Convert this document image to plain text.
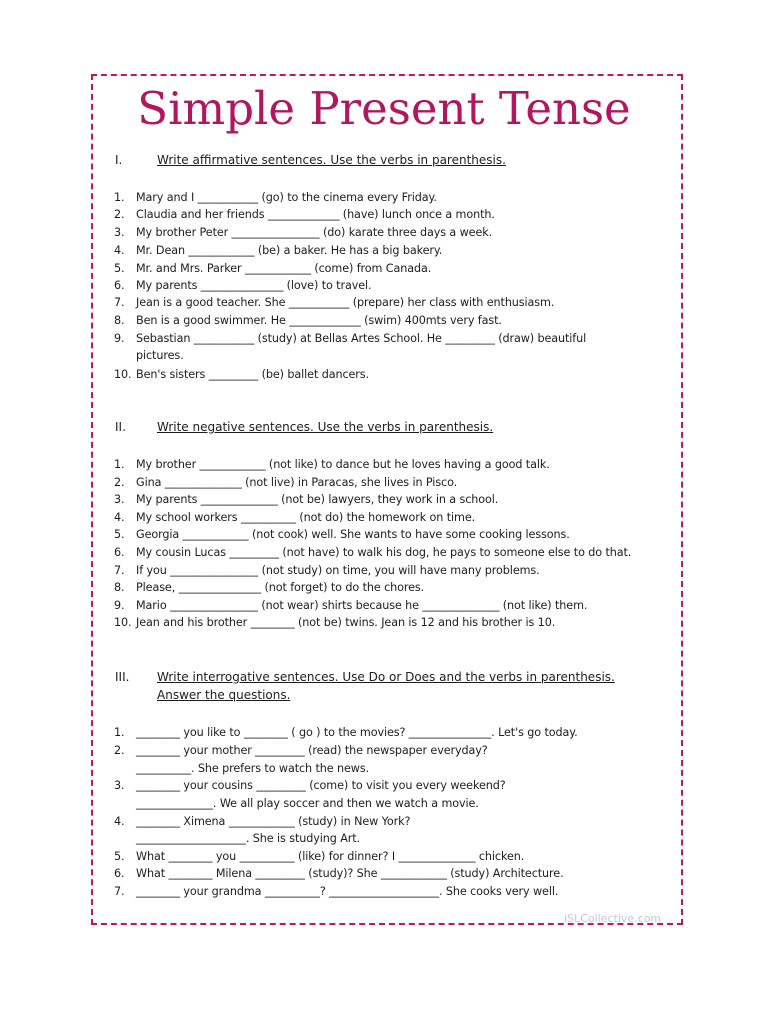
Simple Present Tense
I.	Write affirmative sentences. Use the verbs in parenthesis.
II.	Write negative sentences. Use the verbs in parenthesis.
III. Write interrogative sentences. Use Do or Does and the verbs in parenthesis.
Answer the questions.
1. Mary and I ___________ (go) to the cinema every Friday.
2. Claudia and her friends _____________ (have) lunch once a month.
3. My brother Peter ________________ (do) karate three days a week.
4. Mr. Dean ____________ (be) a baker. He has a big bakery.
5. Mr. and Mrs. Parker ____________ (come) from Canada.
6. My parents _______________ (love) to travel.
7. Jean is a good teacher. She ___________ (prepare) her class with enthusiasm.
8. Ben is a good swimmer. He _____________ (swim) 400mts very fast.
9. Sebastian ___________ (study) at Bellas Artes School. He _________ (draw) beautiful
pictures.
10. Ben's sisters _________ (be) ballet dancers.
1. My brother ____________ (not like) to dance but he loves having a good talk.
2. Gina ______________ (not live) in Paracas, she lives in Pisco.
3. My parents ______________ (not be) lawyers, they work in a school.
4. My school workers __________ (not do) the homework on time.
5. Georgia ____________ (not cook) well. She wants to have some cooking lessons.
6. My cousin Lucas _________ (not have) to walk his dog, he pays to someone else to do that.
7. If you ________________ (not study) on time, you will have many problems.
8. Please, _______________ (not forget) to do the chores.
9. Mario ________________ (not wear) shirts because he ______________ (not like) them.
10. Jean and his brother ________ (not be) twins. Jean is 12 and his brother is 10.
1. ________ you like to ________ ( go ) to the movies? _______________. Let's go today.
2. ________ your mother _________ (read) the newspaper everyday?
__________. She prefers to watch the news.
3. ________ your cousins _________ (come) to visit you every weekend?
______________. We all play soccer and then we watch a movie.
4. ________ Ximena ____________ (study) in New York?
____________________. She is studying Art.
5. What ________ you __________ (like) for dinner? I ______________ chicken.
6. What ________ Milena _________ (study)? She ____________ (study) Architecture.
7. ________ your grandma __________? ____________________. She cooks very well.
iSLCollective.com
